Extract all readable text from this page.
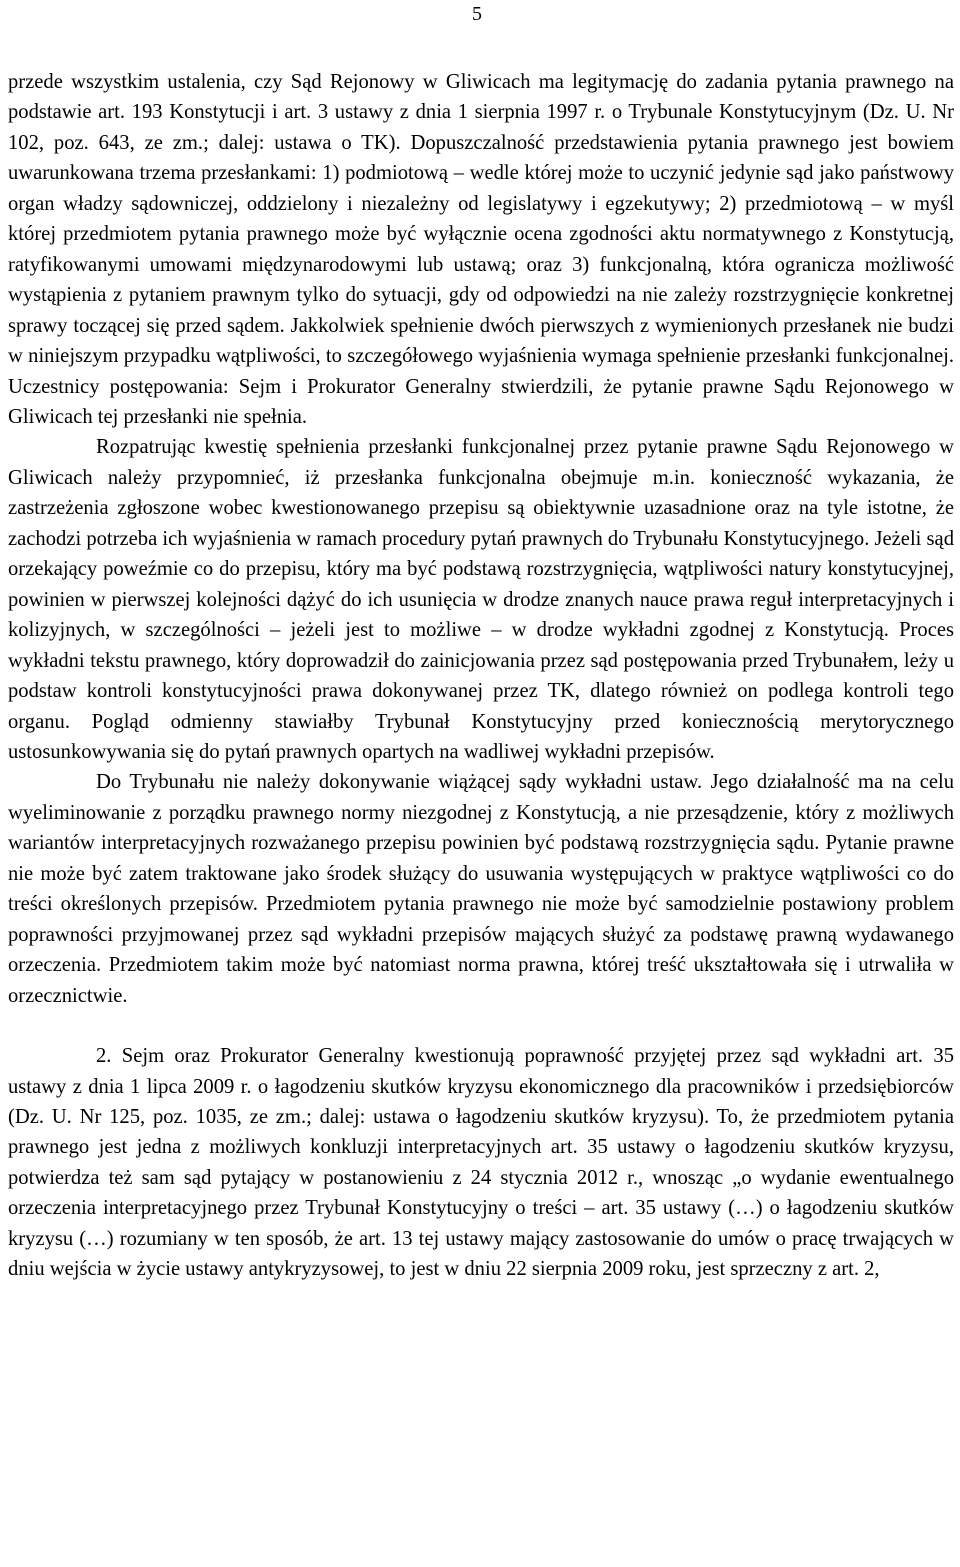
5

przede wszystkim ustalenia, czy Sąd Rejonowy w Gliwicach ma legitymację do zadania pytania prawnego na podstawie art. 193 Konstytucji i art. 3 ustawy z dnia 1 sierpnia 1997 r. o Trybunale Konstytucyjnym (Dz. U. Nr 102, poz. 643, ze zm.; dalej: ustawa o TK). Dopuszczalność przedstawienia pytania prawnego jest bowiem uwarunkowana trzema przesłankami: 1) podmiotową – wedle której może to uczynić jedynie sąd jako państwowy organ władzy sądowniczej, oddzielony i niezależny od legislatywy i egzekutywy; 2) przedmiotową – w myśl której przedmiotem pytania prawnego może być wyłącznie ocena zgodności aktu normatywnego z Konstytucją, ratyfikowanymi umowami międzynarodowymi lub ustawą; oraz 3) funkcjonalną, która ogranicza możliwość wystąpienia z pytaniem prawnym tylko do sytuacji, gdy od odpowiedzi na nie zależy rozstrzygnięcie konkretnej sprawy toczącej się przed sądem. Jakkolwiek spełnienie dwóch pierwszych z wymienionych przesłanek nie budzi w niniejszym przypadku wątpliwości, to szczegółowego wyjaśnienia wymaga spełnienie przesłanki funkcjonalnej. Uczestnicy postępowania: Sejm i Prokurator Generalny stwierdzili, że pytanie prawne Sądu Rejonowego w Gliwicach tej przesłanki nie spełnia.

Rozpatrując kwestię spełnienia przesłanki funkcjonalnej przez pytanie prawne Sądu Rejonowego w Gliwicach należy przypomnieć, iż przesłanka funkcjonalna obejmuje m.in. konieczność wykazania, że zastrzeżenia zgłoszone wobec kwestionowanego przepisu są obiektywnie uzasadnione oraz na tyle istotne, że zachodzi potrzeba ich wyjaśnienia w ramach procedury pytań prawnych do Trybunału Konstytucyjnego. Jeżeli sąd orzekający poweźmie co do przepisu, który ma być podstawą rozstrzygnięcia, wątpliwości natury konstytucyjnej, powinien w pierwszej kolejności dążyć do ich usunięcia w drodze znanych nauce prawa reguł interpretacyjnych i kolizyjnych, w szczególności – jeżeli jest to możliwe – w drodze wykładni zgodnej z Konstytucją. Proces wykładni tekstu prawnego, który doprowadził do zainicjowania przez sąd postępowania przed Trybunałem, leży u podstaw kontroli konstytucyjności prawa dokonywanej przez TK, dlatego również on podlega kontroli tego organu. Pogląd odmienny stawiałby Trybunał Konstytucyjny przed koniecznością merytorycznego ustosunkowywania się do pytań prawnych opartych na wadliwej wykładni przepisów.

Do Trybunału nie należy dokonywanie wiążącej sądy wykładni ustaw. Jego działalność ma na celu wyeliminowanie z porządku prawnego normy niezgodnej z Konstytucją, a nie przesądzenie, który z możliwych wariantów interpretacyjnych rozważanego przepisu powinien być podstawą rozstrzygnięcia sądu. Pytanie prawne nie może być zatem traktowane jako środek służący do usuwania występujących w praktyce wątpliwości co do treści określonych przepisów. Przedmiotem pytania prawnego nie może być samodzielnie postawiony problem poprawności przyjmowanej przez sąd wykładni przepisów mających służyć za podstawę prawną wydawanego orzeczenia. Przedmiotem takim może być natomiast norma prawna, której treść ukształtowała się i utrwaliła w orzecznictwie.

2. Sejm oraz Prokurator Generalny kwestionują poprawność przyjętej przez sąd wykładni art. 35 ustawy z dnia 1 lipca 2009 r. o łagodzeniu skutków kryzysu ekonomicznego dla pracowników i przedsiębiorców (Dz. U. Nr 125, poz. 1035, ze zm.; dalej: ustawa o łagodzeniu skutków kryzysu). To, że przedmiotem pytania prawnego jest jedna z możliwych konkluzji interpretacyjnych art. 35 ustawy o łagodzeniu skutków kryzysu, potwierdza też sam sąd pytający w postanowieniu z 24 stycznia 2012 r., wnosząc „o wydanie ewentualnego orzeczenia interpretacyjnego przez Trybunał Konstytucyjny o treści – art. 35 ustawy (…) o łagodzeniu skutków kryzysu (…) rozumiany w ten sposób, że art. 13 tej ustawy mający zastosowanie do umów o pracę trwających w dniu wejścia w życie ustawy antykryzysowej, to jest w dniu 22 sierpnia 2009 roku, jest sprzeczny z art. 2,
